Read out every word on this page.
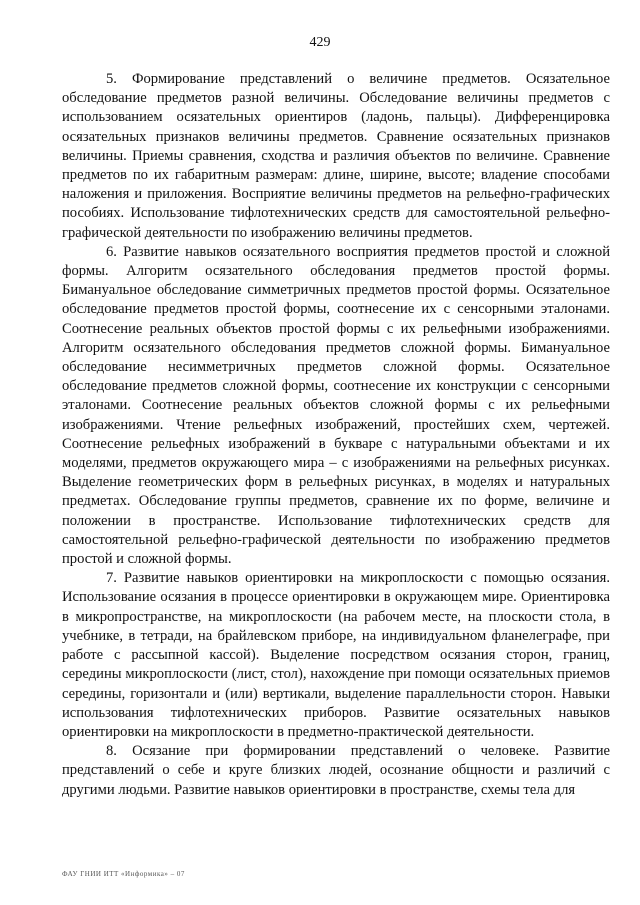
429

5. Формирование представлений о величине предметов. Осязательное обследование предметов разной величины. Обследование величины предметов с использованием осязательных ориентиров (ладонь, пальцы). Дифференцировка осязательных признаков величины предметов. Сравнение осязательных признаков величины. Приемы сравнения, сходства и различия объектов по величине. Сравнение предметов по их габаритным размерам: длине, ширине, высоте; владение способами наложения и приложения. Восприятие величины предметов на рельефно-графических пособиях. Использование тифлотехнических средств для самостоятельной рельефно-графической деятельности по изображению величины предметов.

6. Развитие навыков осязательного восприятия предметов простой и сложной формы. Алгоритм осязательного обследования предметов простой формы. Бимануальное обследование симметричных предметов простой формы. Осязательное обследование предметов простой формы, соотнесение их с сенсорными эталонами. Соотнесение реальных объектов простой формы с их рельефными изображениями. Алгоритм осязательного обследования предметов сложной формы. Бимануальное обследование несимметричных предметов сложной формы. Осязательное обследование предметов сложной формы, соотнесение их конструкции с сенсорными эталонами. Соотнесение реальных объектов сложной формы с их рельефными изображениями. Чтение рельефных изображений, простейших схем, чертежей. Соотнесение рельефных изображений в букваре с натуральными объектами и их моделями, предметов окружающего мира – с изображениями на рельефных рисунках. Выделение геометрических форм в рельефных рисунках, в моделях и натуральных предметах. Обследование группы предметов, сравнение их по форме, величине и положении в пространстве. Использование тифлотехнических средств для самостоятельной рельефно-графической деятельности по изображению предметов простой и сложной формы.

7. Развитие навыков ориентировки на микроплоскости с помощью осязания. Использование осязания в процессе ориентировки в окружающем мире. Ориентировка в микропространстве, на микроплоскости (на рабочем месте, на плоскости стола, в учебнике, в тетради, на брайлевском приборе, на индивидуальном фланелеграфе, при работе с рассыпной кассой). Выделение посредством осязания сторон, границ, середины микроплоскости (лист, стол), нахождение при помощи осязательных приемов середины, горизонтали и (или) вертикали, выделение параллельности сторон. Навыки использования тифлотехнических приборов. Развитие осязательных навыков ориентировки на микроплоскости в предметно-практической деятельности.

8. Осязание при формировании представлений о человеке. Развитие представлений о себе и круге близких людей, осознание общности и различий с другими людьми. Развитие навыков ориентировки в пространстве, схемы тела для

ФАУ ГНИИ ИТТ «Информика» – 07
